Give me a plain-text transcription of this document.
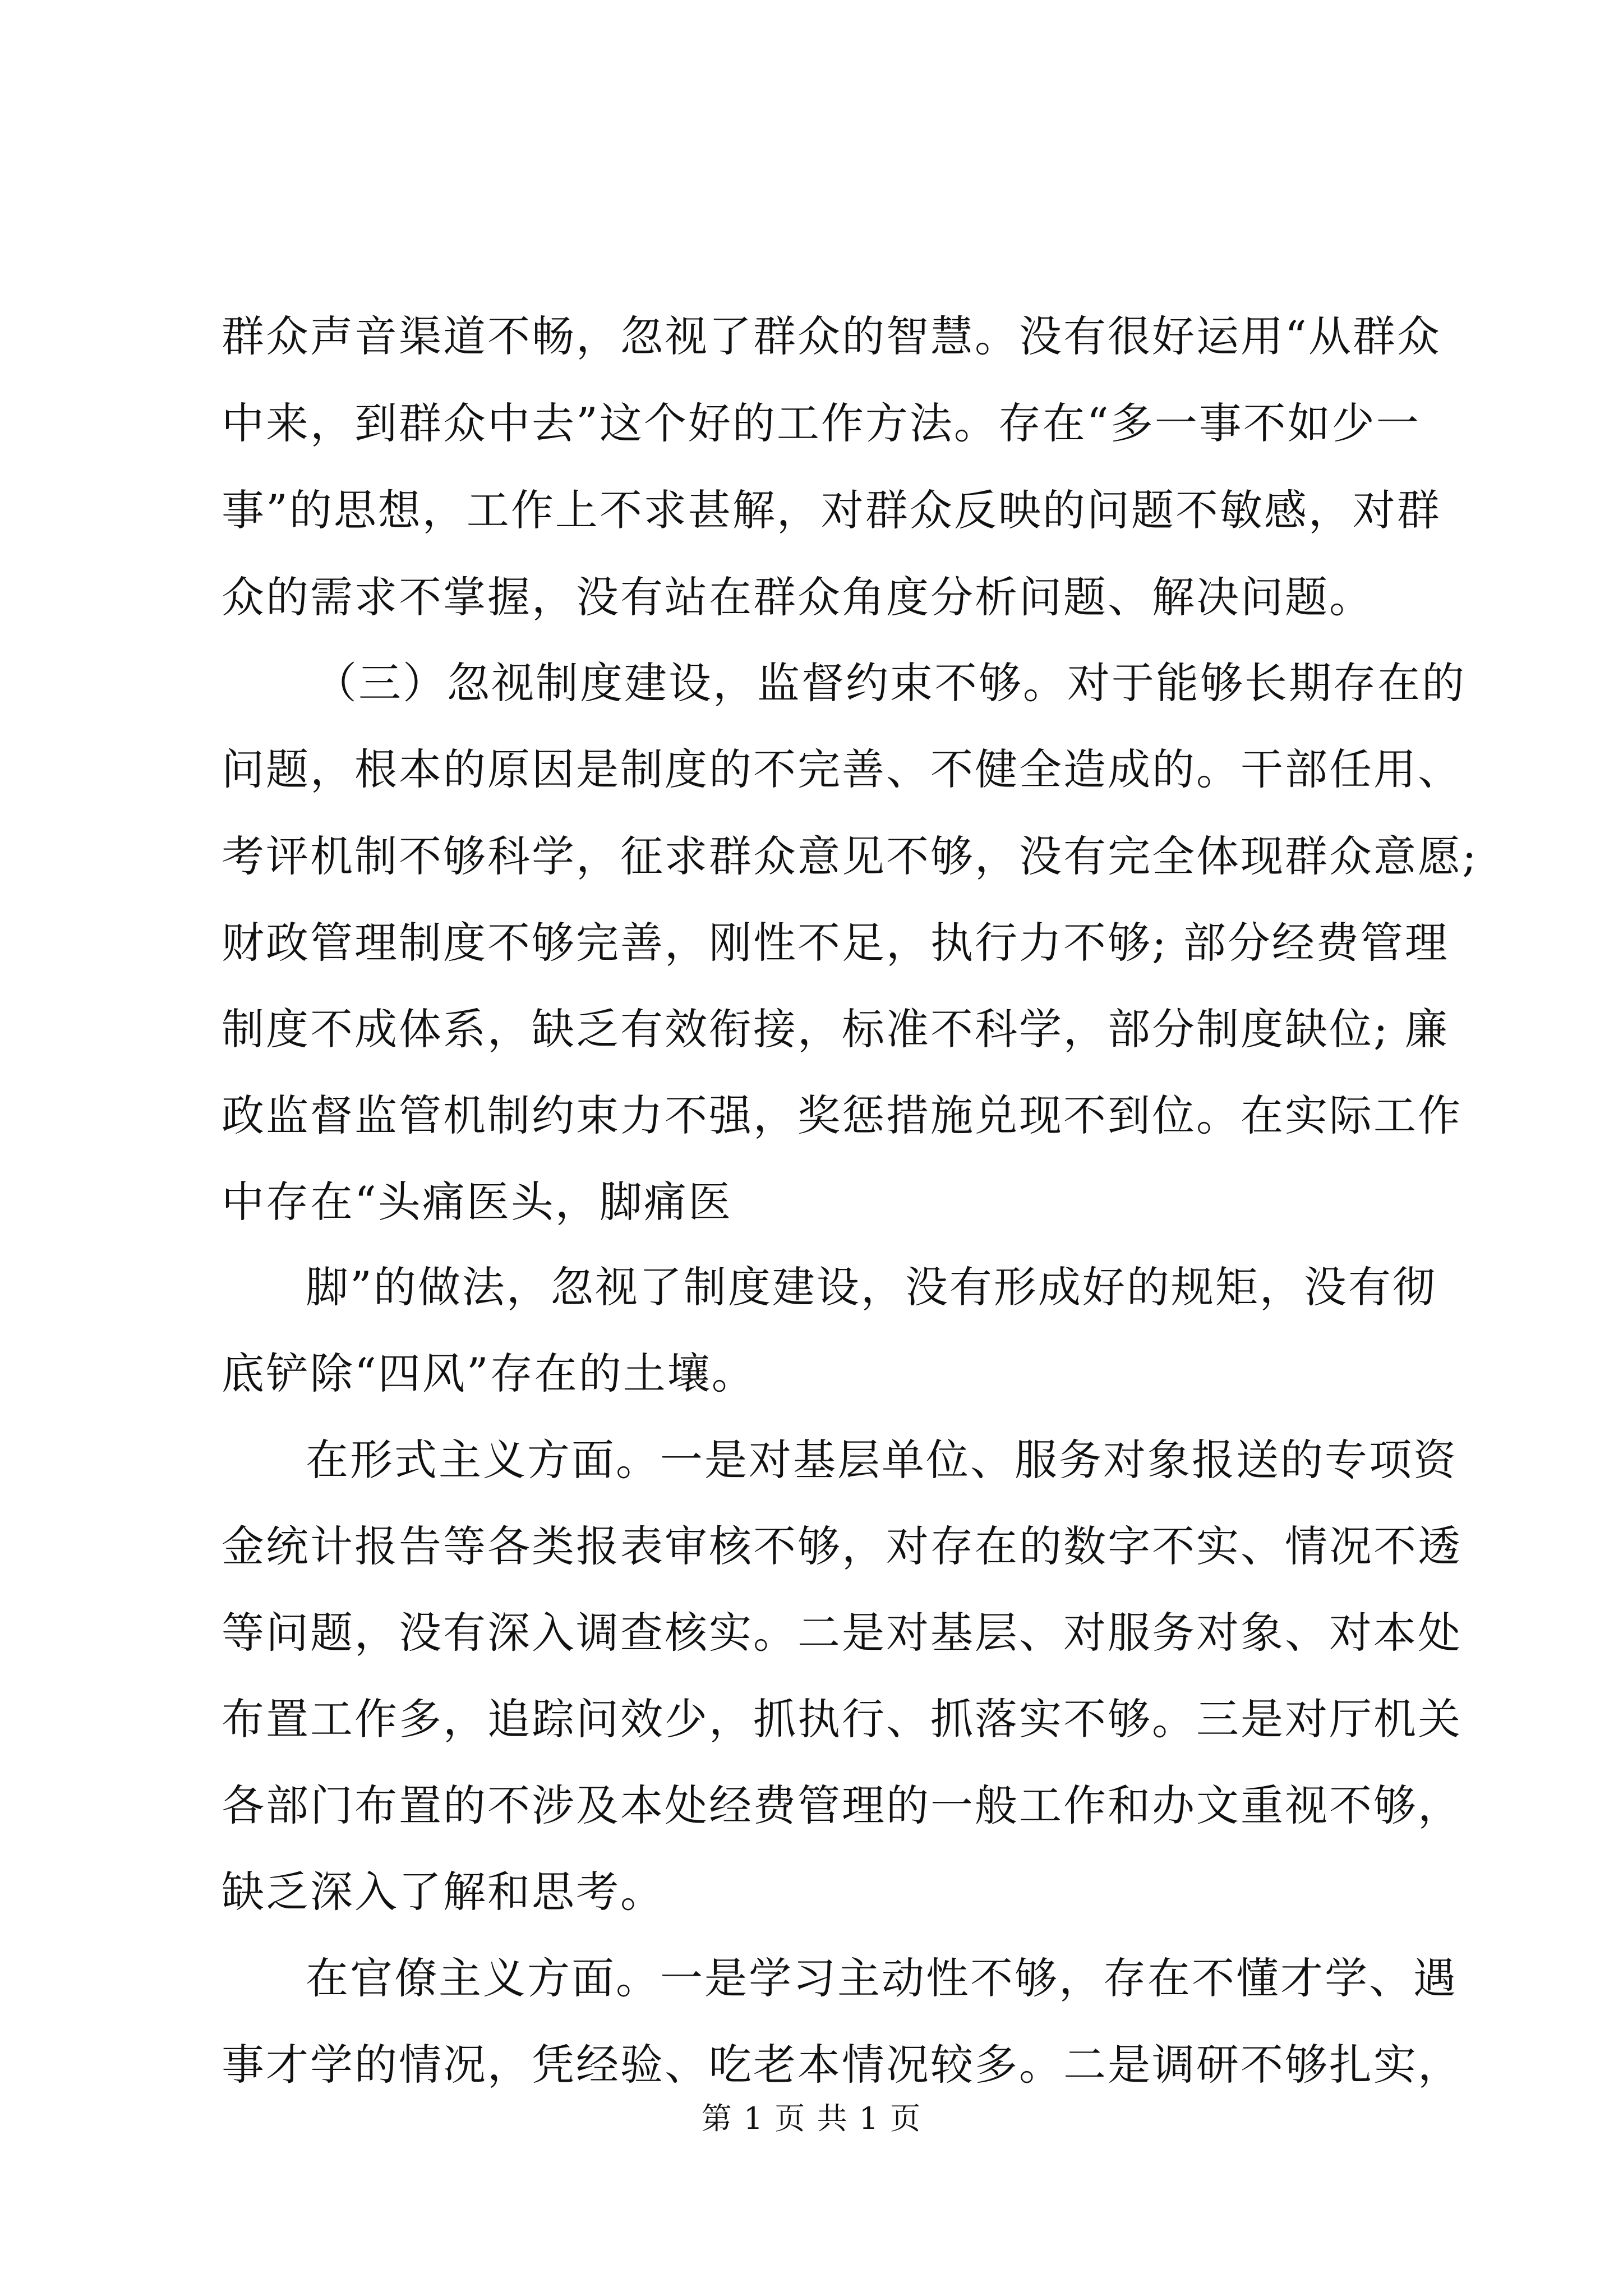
群众声音渠道不畅，忽视了群众的智慧。没有很好运用“从群众
中来，到群众中去”这个好的工作方法。存在“多一事不如少一
事”的思想，工作上不求甚解，对群众反映的问题不敏感，对群
众的需求不掌握，没有站在群众角度分析问题、解决问题。
（三）忽视制度建设，监督约束不够。对于能够长期存在的
问题，根本的原因是制度的不完善、不健全造成的。干部任用、
考评机制不够科学，征求群众意见不够，没有完全体现群众意愿;
财政管理制度不够完善，刚性不足，执行力不够; 部分经费管理
制度不成体系，缺乏有效衔接，标准不科学，部分制度缺位; 廉
政监督监管机制约束力不强，奖惩措施兑现不到位。在实际工作
中存在“头痛医头，脚痛医
脚”的做法，忽视了制度建设，没有形成好的规矩，没有彻
底铲除“四风”存在的土壤。
在形式主义方面。一是对基层单位、服务对象报送的专项资
金统计报告等各类报表审核不够，对存在的数字不实、情况不透
等问题，没有深入调查核实。二是对基层、对服务对象、对本处
布置工作多，追踪问效少，抓执行、抓落实不够。三是对厅机关
各部门布置的不涉及本处经费管理的一般工作和办文重视不够，
缺乏深入了解和思考。
在官僚主义方面。一是学习主动性不够，存在不懂才学、遇
事才学的情况，凭经验、吃老本情况较多。二是调研不够扎实，
第 1 页 共 1 页
